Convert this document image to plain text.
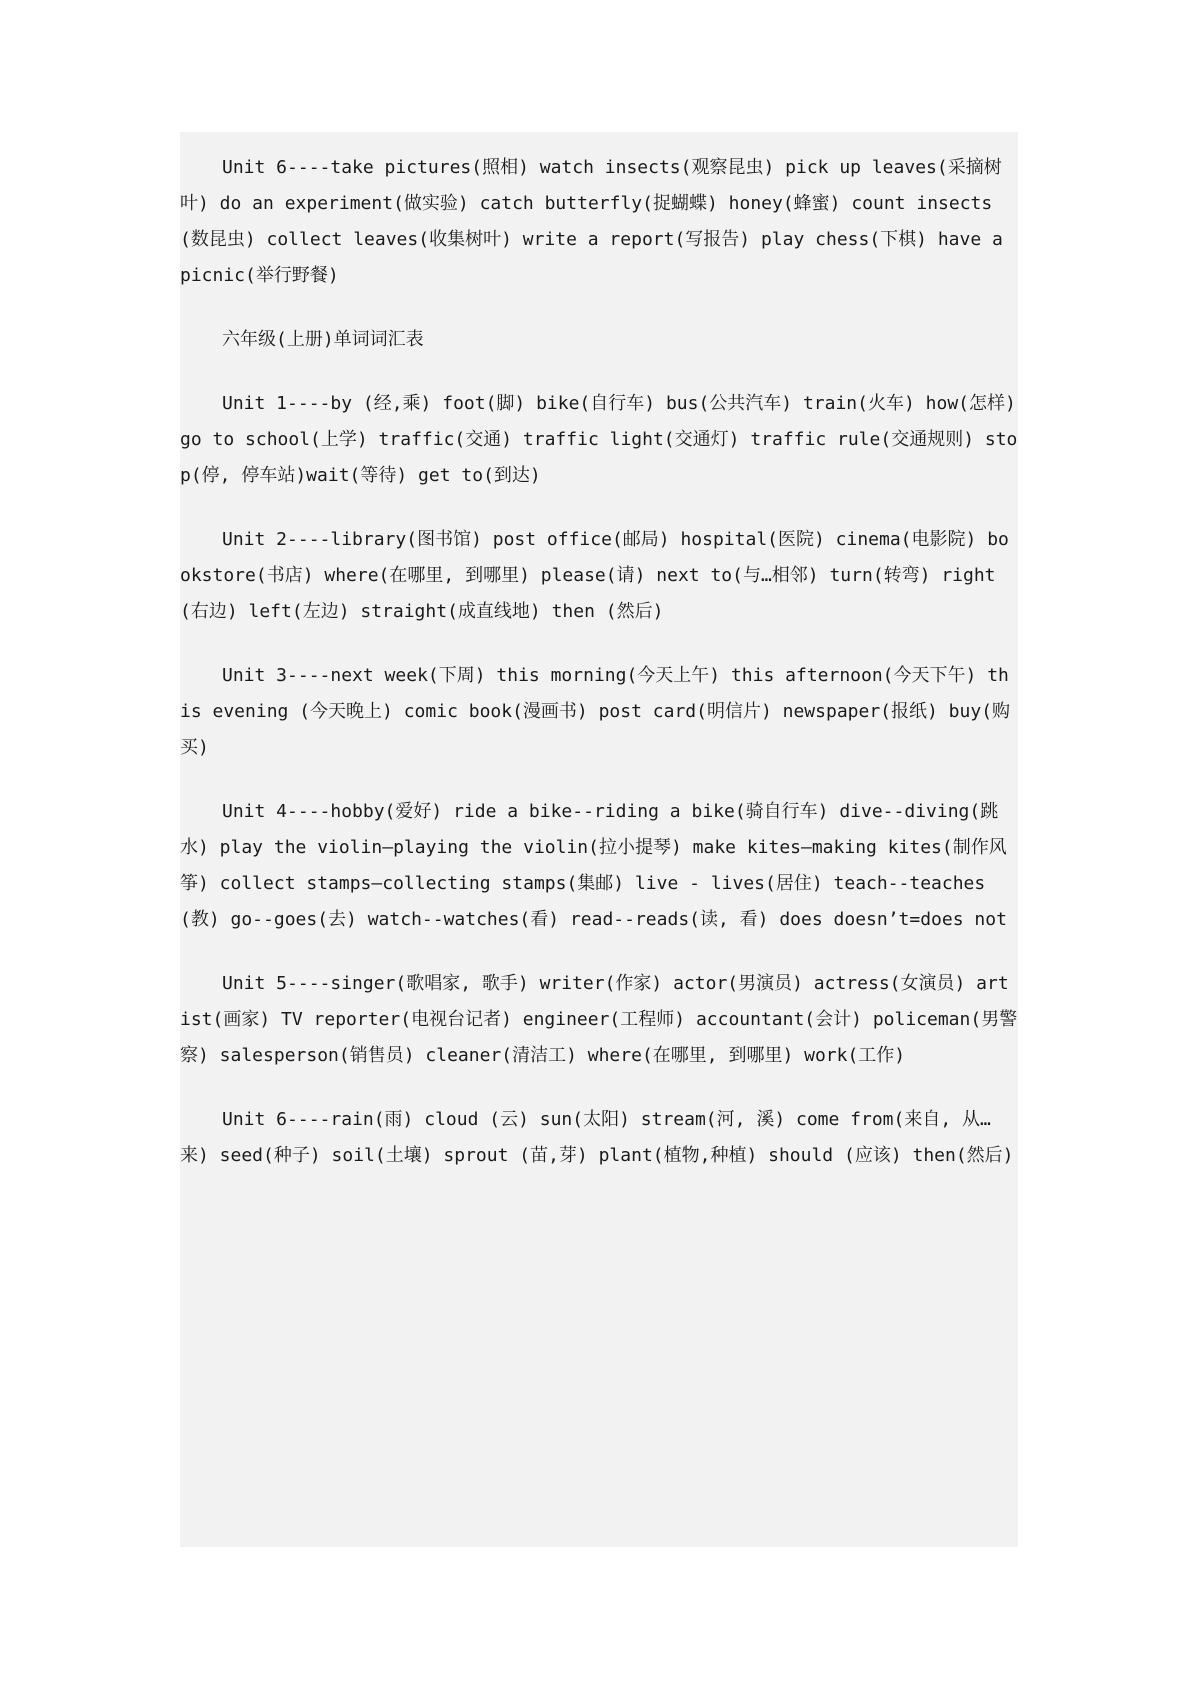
Unit 6----take pictures(照相) watch insects(观察昆虫) pick up leaves(采摘树叶) do an experiment(做实验) catch butterfly(捉蝴蝶) honey(蜂蜜) count insects(数昆虫) collect leaves(收集树叶) write a report(写报告) play chess(下棋) have a picnic(举行野餐)

六年级(上册)单词词汇表

Unit 1----by (经,乘) foot(脚) bike(自行车) bus(公共汽车) train(火车) how(怎样) go to school(上学) traffic(交通) traffic light(交通灯) traffic rule(交通规则) stop(停, 停车站)wait(等待) get to(到达)

Unit 2----library(图书馆) post office(邮局) hospital(医院) cinema(电影院) bookstore(书店) where(在哪里, 到哪里) please(请) next to(与…相邻) turn(转弯) right (右边) left(左边) straight(成直线地) then (然后)

Unit 3----next week(下周) this morning(今天上午) this afternoon(今天下午) this evening (今天晚上) comic book(漫画书) post card(明信片) newspaper(报纸) buy(购买)

Unit 4----hobby(爱好) ride a bike--riding a bike(骑自行车) dive--diving(跳水) play the violin—playing the violin(拉小提琴) make kites—making kites(制作风筝) collect stamps—collecting stamps(集邮) live - lives(居住) teach--teaches(教) go--goes(去) watch--watches(看) read--reads(读, 看) does doesn’t=does not

Unit 5----singer(歌唱家, 歌手) writer(作家) actor(男演员) actress(女演员) artist(画家) TV reporter(电视台记者) engineer(工程师) accountant(会计) policeman(男警察) salesperson(销售员) cleaner(清洁工) where(在哪里, 到哪里) work(工作)

Unit 6----rain(雨) cloud (云) sun(太阳) stream(河, 溪) come from(来自, 从…来) seed(种子) soil(土壤) sprout (苗,芽) plant(植物,种植) should (应该) then(然后)
